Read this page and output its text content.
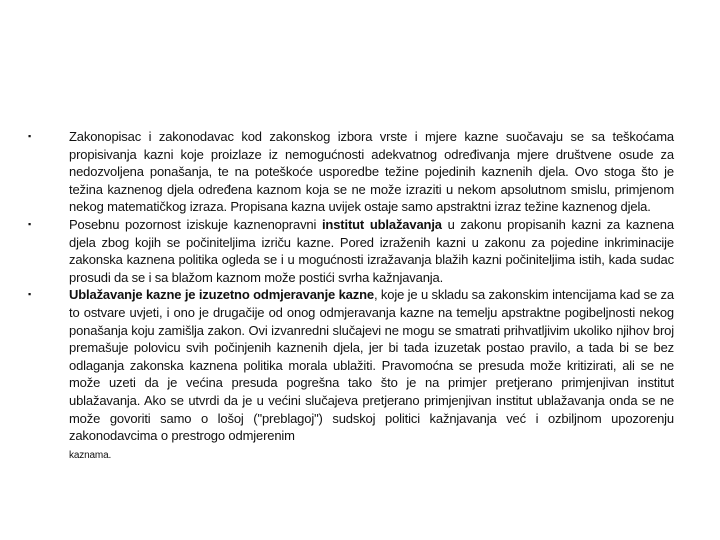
▪	Zakonopisac i zakonodavac kod zakonskog izbora vrste i mjere kazne suočavaju se sa teškoćama propisivanja kazni koje proizlaze iz nemogućnosti adekvatnog određivanja mjere društvene osude za nedozvoljena ponašanja, te na poteškoće usporedbe težine pojedinih kaznenih djela. Ovo stoga što je težina kaznenog djela određena kaznom koja se ne može izraziti u nekom apsolutnom smislu, primjenom nekog matematičkog izraza. Propisana kazna uvijek ostaje samo apstraktni izraz težine kaznenog djela.
▪	Posebnu pozornost iziskuje kaznenopravni institut ublažavanja u zakonu propisanih kazni za kaznena djela zbog kojih se počiniteljima izriču kazne. Pored izraženih kazni u zakonu za pojedine inkriminacije zakonska kaznena politika ogleda se i u mogućnosti izražavanja blažih kazni počiniteljima istih, kada sudac prosudi da se i sa blažom kaznom može postići svrha kažnjavanja.
▪	Ublažavanje kazne je izuzetno odmjeravanje kazne, koje je u skladu sa zakonskim intencijama kad se za to ostvare uvjeti, i ono je drugačije od onog odmjeravanja kazne na temelju apstraktne pogibeljnosti nekog ponašanja koju zamišlja zakon. Ovi izvanredni slučajevi ne mogu se smatrati prihvatljivim ukoliko njihov broj premašuje polovicu svih počinjenih kaznenih djela, jer bi tada izuzetak postao pravilo, a tada bi se bez odlaganja zakonska kaznena politika morala ublažiti. Pravomoćna se presuda može kritizirati, ali se ne može uzeti da je većina presuda pogrešna tako što je na primjer pretjerano primjenjivan institut ublažavanja. Ako se utvrdi da je u većini slučajeva pretjerano primjenjivan institut ublažavanja onda se ne može govoriti samo o lošoj ("preblagoj") sudskoj politici kažnjavanja već i ozbiljnom upozorenju zakonodavcima o prestrogo odmjerenim
kaznama.
